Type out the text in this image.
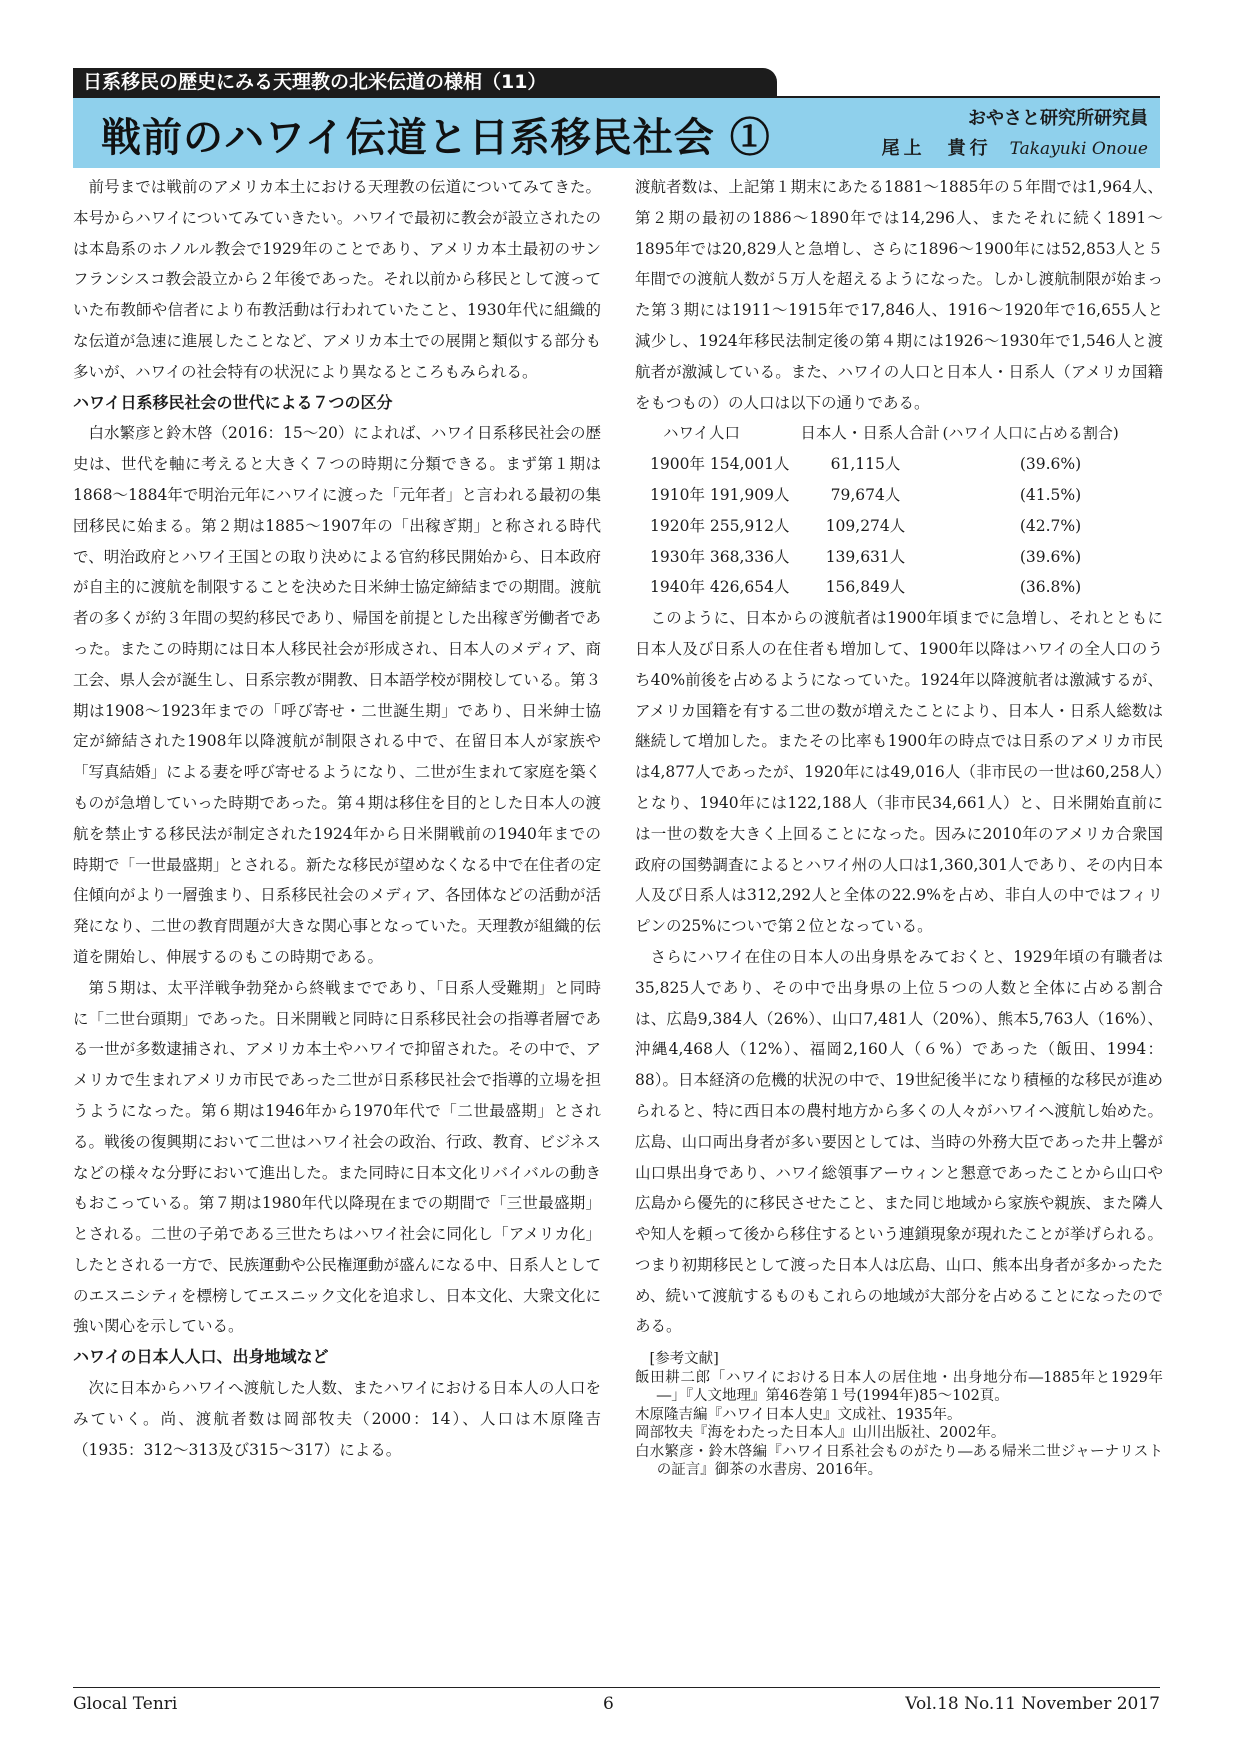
日系移民の歴史にみる天理教の北米伝道の様相（11）
戦前のハワイ伝道と日系移民社会 ①	おやさと研究所研究員
尾上　貴行 Takayuki Onoue

前号までは戦前のアメリカ本土における天理教の伝道についてみてきた。本号からハワイについてみていきたい。ハワイで最初に教会が設立されたのは本島系のホノルル教会で1929年のことであり、アメリカ本土最初のサンフランシスコ教会設立から２年後であった。それ以前から移民として渡っていた布教師や信者により布教活動は行われていたこと、1930年代に組織的な伝道が急速に進展したことなど、アメリカ本土での展開と類似する部分も多いが、ハワイの社会特有の状況により異なるところもみられる。

ハワイ日系移民社会の世代による７つの区分

白水繁彦と鈴木啓（2016：15～20）によれば、ハワイ日系移民社会の歴史は、世代を軸に考えると大きく７つの時期に分類できる。まず第１期は1868～1884年で明治元年にハワイに渡った「元年者」と言われる最初の集団移民に始まる。第２期は1885～1907年の「出稼ぎ期」と称される時代で、明治政府とハワイ王国との取り決めによる官約移民開始から、日本政府が自主的に渡航を制限することを決めた日米紳士協定締結までの期間。渡航者の多くが約３年間の契約移民であり、帰国を前提とした出稼ぎ労働者であった。またこの時期には日本人移民社会が形成され、日本人のメディア、商工会、県人会が誕生し、日系宗教が開教、日本語学校が開校している。第３期は1908～1923年までの「呼び寄せ・二世誕生期」であり、日米紳士協定が締結された1908年以降渡航が制限される中で、在留日本人が家族や「写真結婚」による妻を呼び寄せるようになり、二世が生まれて家庭を築くものが急増していった時期であった。第４期は移住を目的とした日本人の渡航を禁止する移民法が制定された1924年から日米開戦前の1940年までの時期で「一世最盛期」とされる。新たな移民が望めなくなる中で在住者の定住傾向がより一層強まり、日系移民社会のメディア、各団体などの活動が活発になり、二世の教育問題が大きな関心事となっていた。天理教が組織的伝道を開始し、伸展するのもこの時期である。

第５期は、太平洋戦争勃発から終戦までであり、「日系人受難期」と同時に「二世台頭期」であった。日米開戦と同時に日系移民社会の指導者層である一世が多数逮捕され、アメリカ本土やハワイで抑留された。その中で、アメリカで生まれアメリカ市民であった二世が日系移民社会で指導的立場を担うようになった。第６期は1946年から1970年代で「二世最盛期」とされる。戦後の復興期において二世はハワイ社会の政治、行政、教育、ビジネスなどの様々な分野において進出した。また同時に日本文化リバイバルの動きもおこっている。第７期は1980年代以降現在までの期間で「三世最盛期」とされる。二世の子弟である三世たちはハワイ社会に同化し「アメリカ化」したとされる一方で、民族運動や公民権運動が盛んになる中、日系人としてのエスニシティを標榜してエスニック文化を追求し、日本文化、大衆文化に強い関心を示している。

ハワイの日本人人口、出身地域など

次に日本からハワイへ渡航した人数、またハワイにおける日本人の人口をみていく。尚、渡航者数は岡部牧夫（2000：14）、人口は木原隆吉（1935：312～313及び315～317）による。

渡航者数は、上記第１期末にあたる1881～1885年の５年間では1,964人、第２期の最初の1886～1890年では14,296人、またそれに続く1891～1895年では20,829人と急増し、さらに1896～1900年には52,853人と５年間での渡航人数が５万人を超えるようになった。しかし渡航制限が始まった第３期には1911～1915年で17,846人、1916～1920年で16,655人と減少し、1924年移民法制定後の第４期には1926～1930年で1,546人と渡航者が激減している。また、ハワイの人口と日本人・日系人（アメリカ国籍をもつもの）の人口は以下の通りである。

ハワイ人口	日本人・日系人合計 (ハワイ人口に占める割合)
1900年 154,001人	61,115人	(39.6%)
1910年 191,909人	79,674人	(41.5%)
1920年 255,912人	109,274人	(42.7%)
1930年 368,336人	139,631人	(39.6%)
1940年 426,654人	156,849人	(36.8%)

このように、日本からの渡航者は1900年頃までに急増し、それとともに日本人及び日系人の在住者も増加して、1900年以降はハワイの全人口のうち40%前後を占めるようになっていた。1924年以降渡航者は激減するが、アメリカ国籍を有する二世の数が増えたことにより、日本人・日系人総数は継続して増加した。またその比率も1900年の時点では日系のアメリカ市民は4,877人であったが、1920年には49,016人（非市民の一世は60,258人）となり、1940年には122,188人（非市民34,661人）と、日米開始直前には一世の数を大きく上回ることになった。因みに2010年のアメリカ合衆国政府の国勢調査によるとハワイ州の人口は1,360,301人であり、その内日本人及び日系人は312,292人と全体の22.9%を占め、非白人の中ではフィリピンの25%についで第２位となっている。

さらにハワイ在住の日本人の出身県をみておくと、1929年頃の有職者は35,825人であり、その中で出身県の上位５つの人数と全体に占める割合は、広島9,384人（26%）、山口7,481人（20%）、熊本5,763人（16%）、沖縄4,468人（12%）、福岡2,160人（６%）であった（飯田、1994：88）。日本経済の危機的状況の中で、19世紀後半になり積極的な移民が進められると、特に西日本の農村地方から多くの人々がハワイへ渡航し始めた。広島、山口両出身者が多い要因としては、当時の外務大臣であった井上馨が山口県出身であり、ハワイ総領事アーウィンと懇意であったことから山口や広島から優先的に移民させたこと、また同じ地域から家族や親族、また隣人や知人を頼って後から移住するという連鎖現象が現れたことが挙げられる。つまり初期移民として渡った日本人は広島、山口、熊本出身者が多かったため、続いて渡航するものもこれらの地域が大部分を占めることになったのである。

[参考文献]

飯田耕二郎「ハワイにおける日本人の居住地・出身地分布―1885年と1929年―」『人文地理』第46巻第１号(1994年)85～102頁。

木原隆吉編『ハワイ日本人史』文成社、1935年。

岡部牧夫『海をわたった日本人』山川出版社、2002年。

白水繁彦・鈴木啓編『ハワイ日系社会ものがたり―ある帰米二世ジャーナリストの証言』御茶の水書房、2016年。

Glocal Tenri	6	Vol.18 No.11 November 2017
